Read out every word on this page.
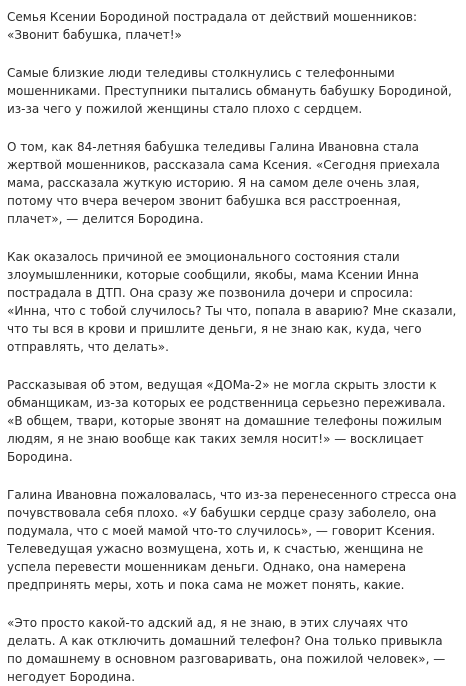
Семья Ксении Бородиной пострадала от действий мошенников: «Звонит бабушка, плачет!»

Самые близкие люди теледивы столкнулись с телефонными мошенниками. Преступники пытались обмануть бабушку Бородиной, из-за чего у пожилой женщины стало плохо с сердцем.

О том, как 84-летняя бабушка теледивы Галина Ивановна стала жертвой мошенников, рассказала сама Ксения. «Сегодня приехала мама, рассказала жуткую историю. Я на самом деле очень злая, потому что вчера вечером звонит бабушка вся расстроенная, плачет», — делится Бородина.

Как оказалось причиной ее эмоционального состояния стали злоумышленники, которые сообщили, якобы, мама Ксении Инна пострадала в ДТП. Она сразу же позвонила дочери и спросила: «Инна, что с тобой случилось? Ты что, попала в аварию? Мне сказали, что ты вся в крови и пришлите деньги, я не знаю как, куда, чего отправлять, что делать».

Рассказывая об этом, ведущая «ДОМа-2» не могла скрыть злости к обманщикам, из-за которых ее родственница серьезно переживала. «В общем, твари, которые звонят на домашние телефоны пожилым людям, я не знаю вообще как таких земля носит!» — восклицает Бородина.

Галина Ивановна пожаловалась, что из-за перенесенного стресса она почувствовала себя плохо. «У бабушки сердце сразу заболело, она подумала, что с моей мамой что-то случилось», — говорит Ксения. Телеведущая ужасно возмущена, хоть и, к счастью, женщина не успела перевести мошенникам деньги. Однако, она намерена предпринять меры, хоть и пока сама не может понять, какие.

«Это просто какой-то адский ад, я не знаю, в этих случаях что делать. А как отключить домашний телефон? Она только привыкла по домашнему в основном разговаривать, она пожилой человек», — негодует Бородина.
